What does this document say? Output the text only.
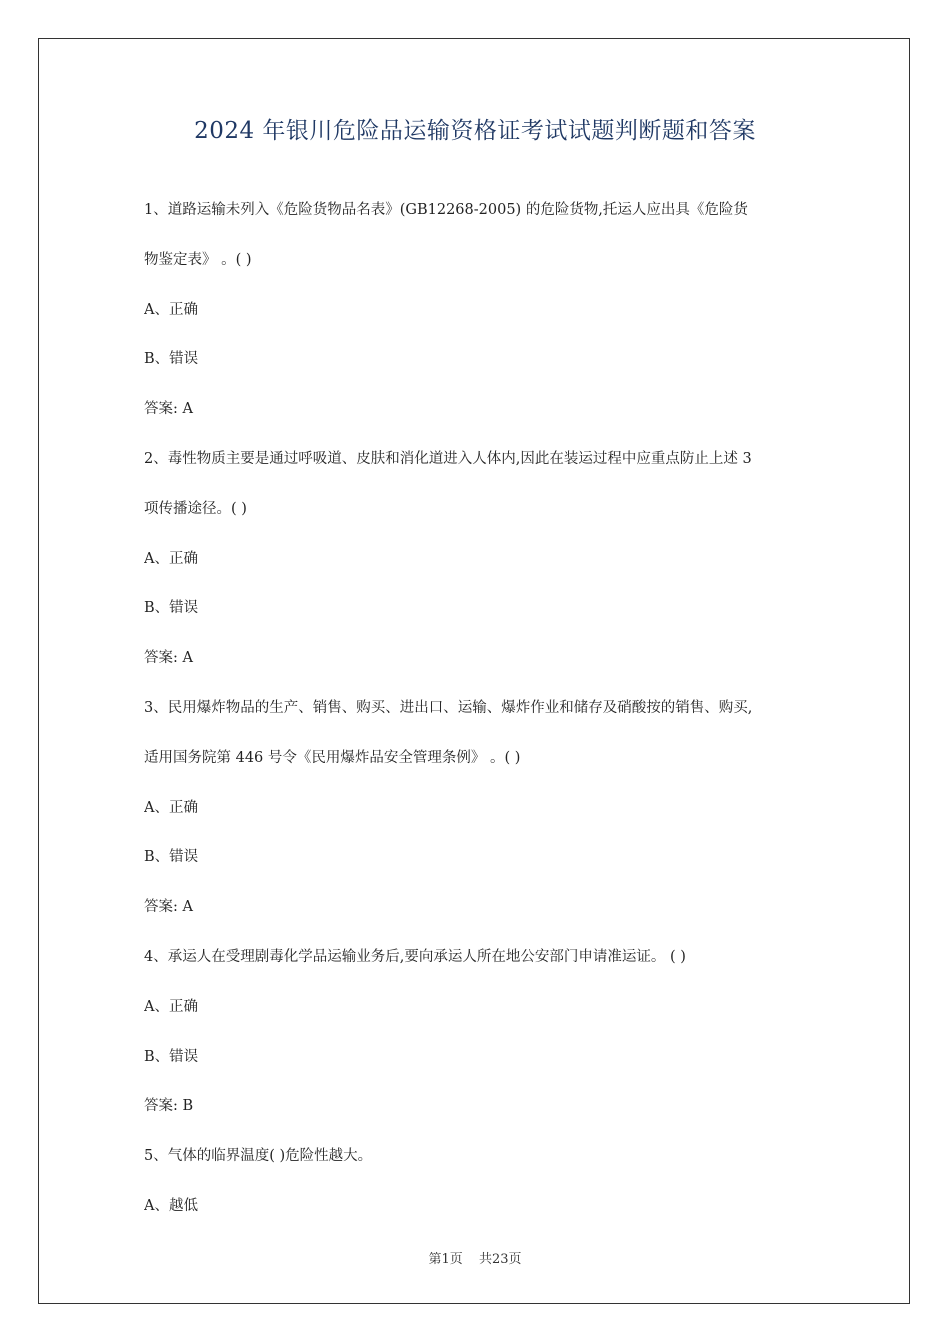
2024 年银川危险品运输资格证考试试题判断题和答案
1、道路运输未列入《危险货物品名表》(GB12268-2005) 的危险货物,托运人应出具《危险货
物鉴定表》 。( )
A、正确
B、错误
答案: A
2、毒性物质主要是通过呼吸道、皮肤和消化道进入人体内,因此在装运过程中应重点防止上述 3
项传播途径。( )
A、正确
B、错误
答案: A
3、民用爆炸物品的生产、销售、购买、进出口、运输、爆炸作业和储存及硝酸按的销售、购买,
适用国务院第 446 号令《民用爆炸品安全管理条例》 。( )
A、正确
B、错误
答案: A
4、承运人在受理剧毒化学品运输业务后,要向承运人所在地公安部门申请准运证。 ( )
A、正确
B、错误
答案: B
5、气体的临界温度( )危险性越大。
A、越低
第1页 共23页
